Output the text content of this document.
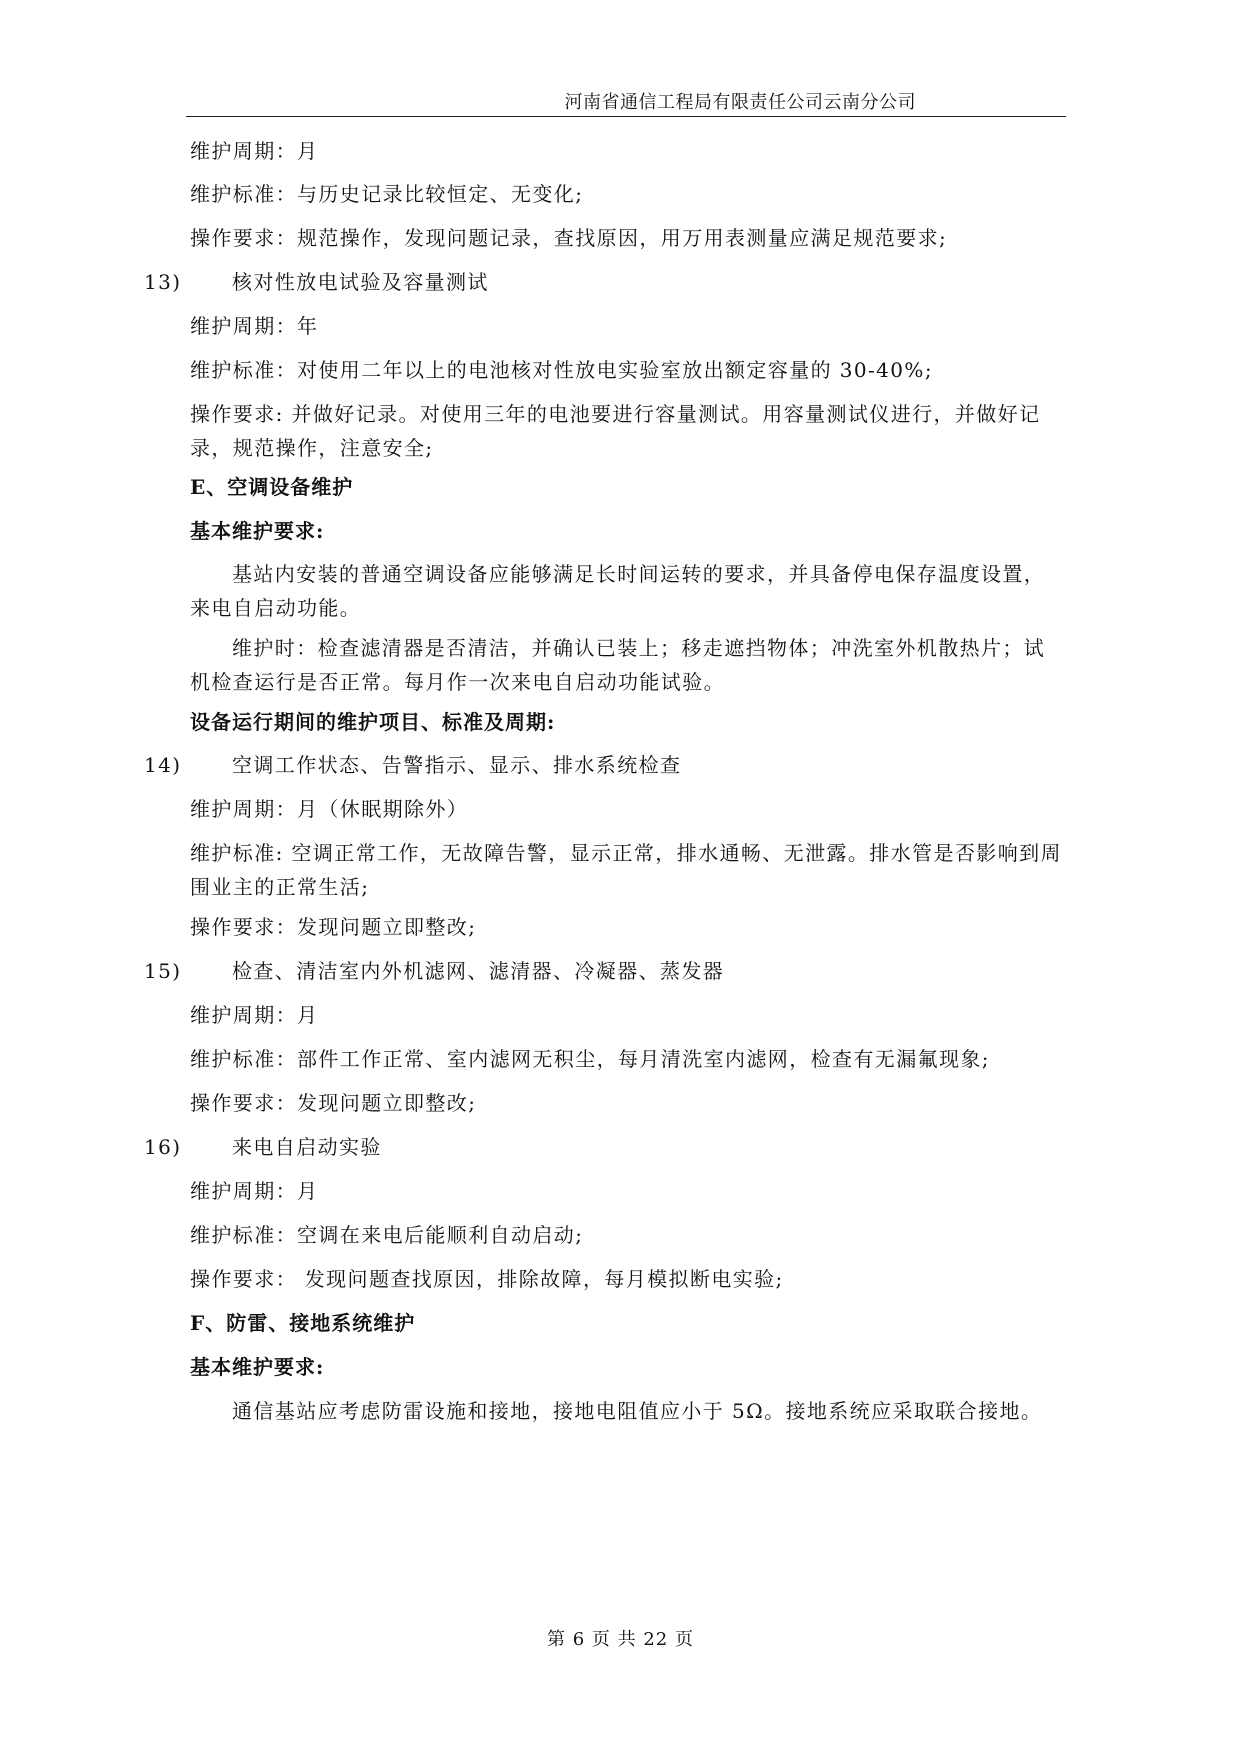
河南省通信工程局有限责任公司云南分公司
维护周期：月
维护标准：与历史记录比较恒定、无变化;
操作要求：规范操作，发现问题记录，查找原因，用万用表测量应满足规范要求;
13)	核对性放电试验及容量测试
维护周期：年
维护标准：对使用二年以上的电池核对性放电实验室放出额定容量的 30-40%;
操作要求: 并做好记录。对使用三年的电池要进行容量测试。用容量测试仪进行，并做好记录，规范操作，注意安全;
E、空调设备维护
基本维护要求:
基站内安装的普通空调设备应能够满足长时间运转的要求，并具备停电保存温度设置，来电自启动功能。
维护时：检查滤清器是否清洁，并确认已装上；移走遮挡物体；冲洗室外机散热片；试机检查运行是否正常。每月作一次来电自启动功能试验。
设备运行期间的维护项目、标准及周期:
14)	空调工作状态、告警指示、显示、排水系统检查
维护周期：月（休眠期除外）
维护标准: 空调正常工作，无故障告警，显示正常，排水通畅、无泄露。排水管是否影响到周围业主的正常生活;
操作要求：发现问题立即整改;
15)	检查、清洁室内外机滤网、滤清器、冷凝器、蒸发器
维护周期：月
维护标准：部件工作正常、室内滤网无积尘，每月清洗室内滤网，检查有无漏氟现象;
操作要求：发现问题立即整改;
16)	来电自启动实验
维护周期：月
维护标准：空调在来电后能顺利自动启动;
操作要求： 发现问题查找原因，排除故障，每月模拟断电实验;
F、防雷、接地系统维护
基本维护要求:
通信基站应考虑防雷设施和接地，接地电阻值应小于 5Ω。接地系统应采取联合接地。
第 6 页 共 22 页
